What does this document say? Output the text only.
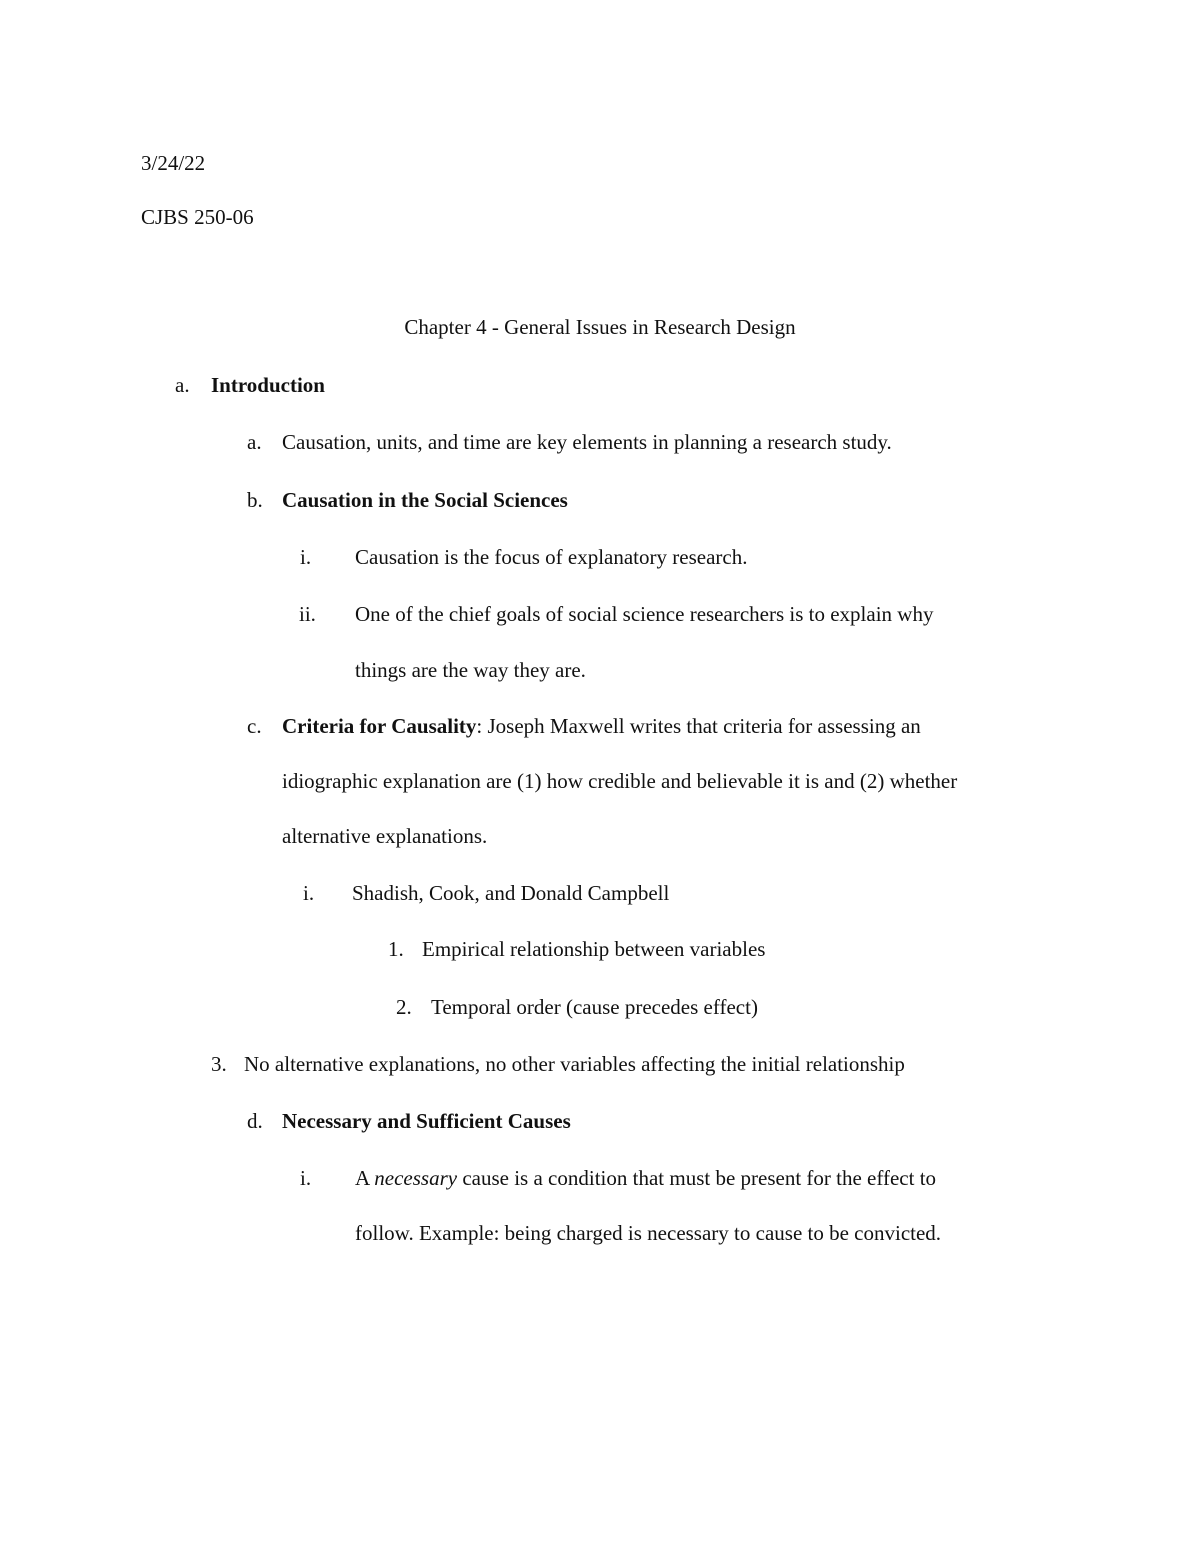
3/24/22
CJBS 250-06
Chapter 4 - General Issues in Research Design
a. Introduction
a. Causation, units, and time are key elements in planning a research study.
b. Causation in the Social Sciences
i. Causation is the focus of explanatory research.
ii. One of the chief goals of social science researchers is to explain why
things are the way they are.
c. Criteria for Causality: Joseph Maxwell writes that criteria for assessing an
idiographic explanation are (1) how credible and believable it is and (2) whether
alternative explanations.
i. Shadish, Cook, and Donald Campbell
1. Empirical relationship between variables
2. Temporal order (cause precedes effect)
3. No alternative explanations, no other variables affecting the initial relationship
d. Necessary and Sufficient Causes
i. A necessary cause is a condition that must be present for the effect to
follow. Example: being charged is necessary to cause to be convicted.
